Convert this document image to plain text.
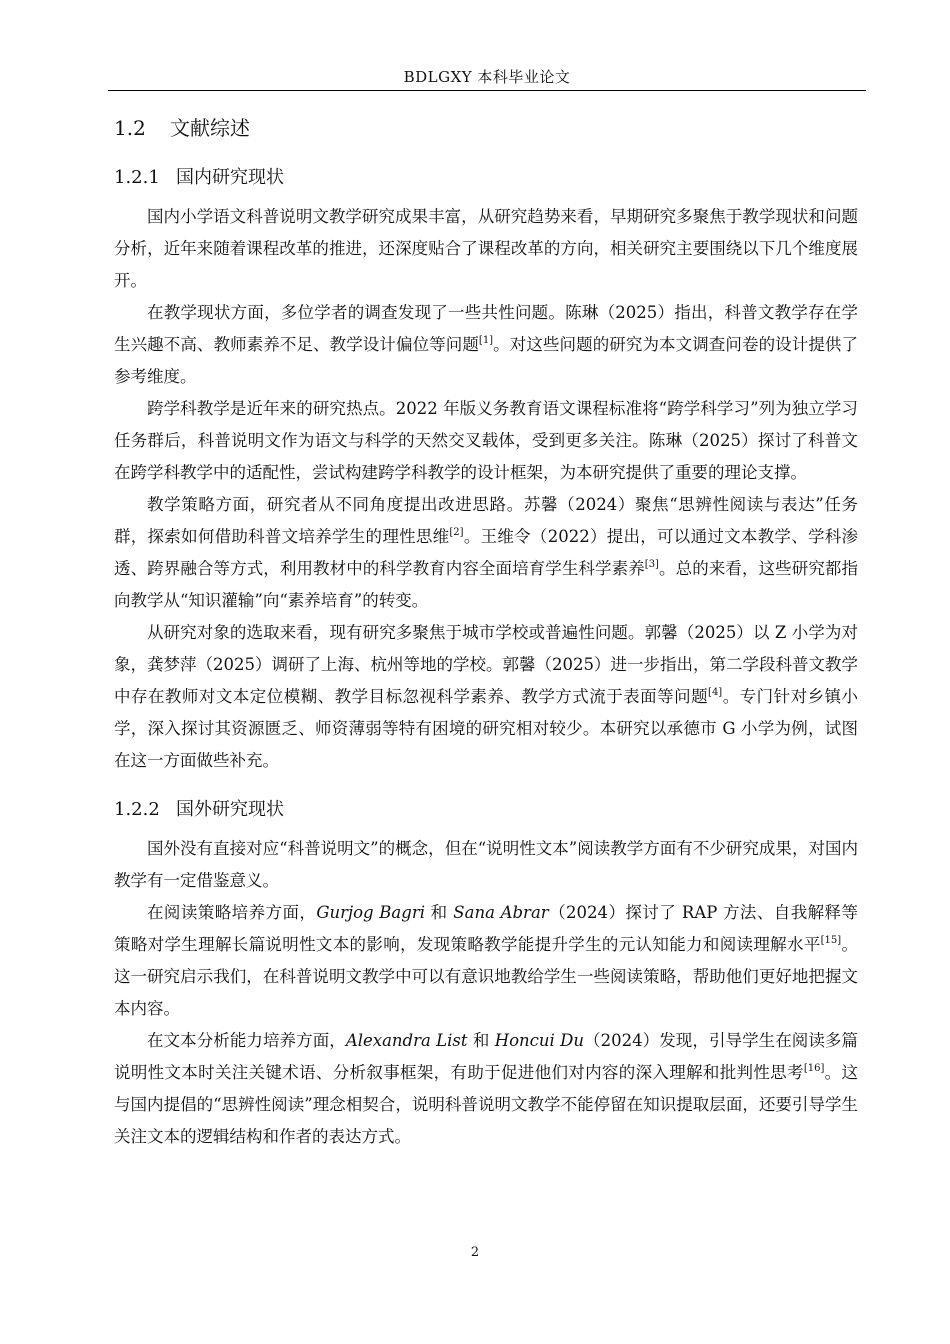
BDLGXY 本科毕业论文
1.2 文献综述
1.2.1 国内研究现状

国内小学语文科普说明文教学研究成果丰富，从研究趋势来看，早期研究多聚焦于教学现状和问题分析，近年来随着课程改革的推进，还深度贴合了课程改革的方向，相关研究主要围绕以下几个维度展开。

在教学现状方面，多位学者的调查发现了一些共性问题。陈琳（2025）指出，科普文教学存在学生兴趣不高、教师素养不足、教学设计偏位等问题[1]。对这些问题的研究为本文调查问卷的设计提供了参考维度。

跨学科教学是近年来的研究热点。2022 年版义务教育语文课程标准将“跨学科学习”列为独立学习任务群后，科普说明文作为语文与科学的天然交叉载体，受到更多关注。陈琳（2025）探讨了科普文在跨学科教学中的适配性，尝试构建跨学科教学的设计框架，为本研究提供了重要的理论支撑。

教学策略方面，研究者从不同角度提出改进思路。苏馨（2024）聚焦“思辨性阅读与表达”任务群，探索如何借助科普文培养学生的理性思维[2]。王维令（2022）提出，可以通过文本教学、学科渗透、跨界融合等方式，利用教材中的科学教育内容全面培育学生科学素养[3]。总的来看，这些研究都指向教学从“知识灌输”向“素养培育”的转变。

从研究对象的选取来看，现有研究多聚焦于城市学校或普遍性问题。郭馨（2025）以 Z 小学为对象，龚梦萍（2025）调研了上海、杭州等地的学校。郭馨（2025）进一步指出，第二学段科普文教学中存在教师对文本定位模糊、教学目标忽视科学素养、教学方式流于表面等问题[4]。专门针对乡镇小学，深入探讨其资源匮乏、师资薄弱等特有困境的研究相对较少。本研究以承德市 G 小学为例，试图在这一方面做些补充。

1.2.2 国外研究现状

国外没有直接对应“科普说明文”的概念，但在“说明性文本”阅读教学方面有不少研究成果，对国内教学有一定借鉴意义。

在阅读策略培养方面，Gurjog Bagri 和 Sana Abrar（2024）探讨了 RAP 方法、自我解释等策略对学生理解长篇说明性文本的影响，发现策略教学能提升学生的元认知能力和阅读理解水平[15]。这一研究启示我们，在科普说明文教学中可以有意识地教给学生一些阅读策略，帮助他们更好地把握文本内容。

在文本分析能力培养方面，Alexandra List 和 Honcui Du（2024）发现，引导学生在阅读多篇说明性文本时关注关键术语、分析叙事框架，有助于促进他们对内容的深入理解和批判性思考[16]。这与国内提倡的“思辨性阅读”理念相契合，说明科普说明文教学不能停留在知识提取层面，还要引导学生关注文本的逻辑结构和作者的表达方式。

2
